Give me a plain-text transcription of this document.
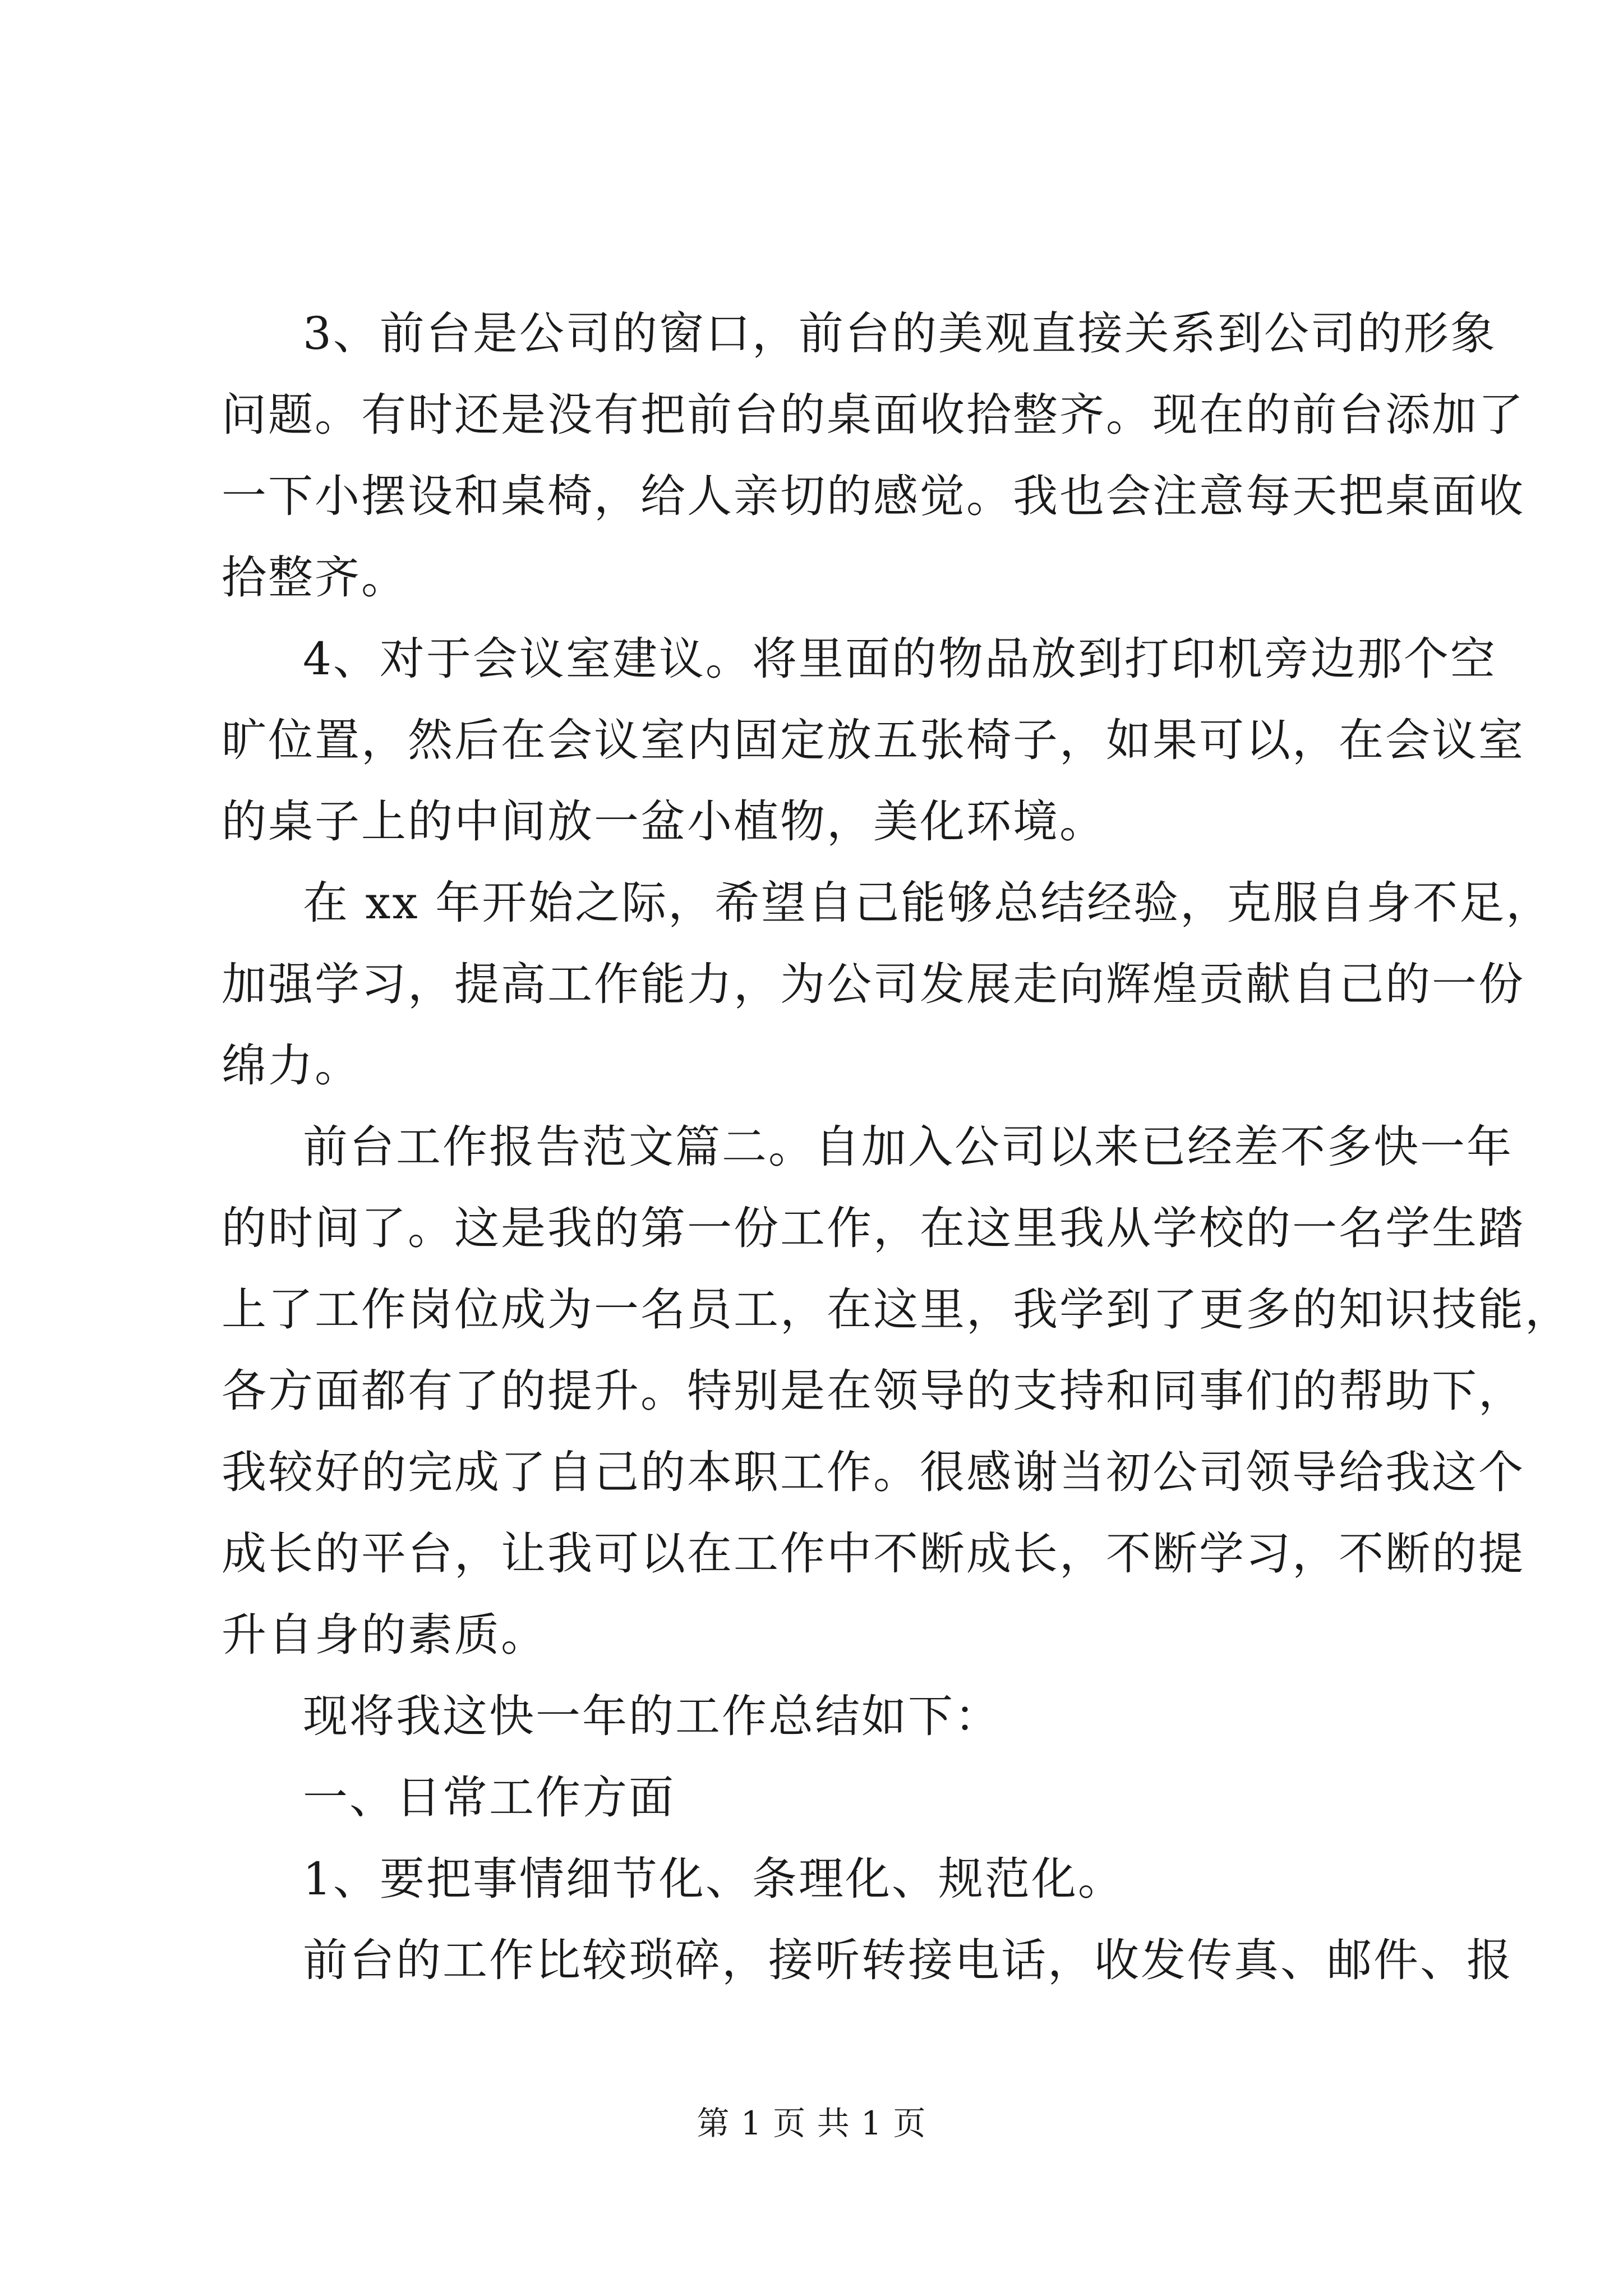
3、前台是公司的窗口，前台的美观直接关系到公司的形象
问题。有时还是没有把前台的桌面收拾整齐。现在的前台添加了
一下小摆设和桌椅，给人亲切的感觉。我也会注意每天把桌面收
拾整齐。
4、对于会议室建议。将里面的物品放到打印机旁边那个空
旷位置，然后在会议室内固定放五张椅子，如果可以，在会议室
的桌子上的中间放一盆小植物，美化环境。
在 xx 年开始之际，希望自己能够总结经验，克服自身不足，
加强学习，提高工作能力，为公司发展走向辉煌贡献自己的一份
绵力。
前台工作报告范文篇二。自加入公司以来已经差不多快一年
的时间了。这是我的第一份工作，在这里我从学校的一名学生踏
上了工作岗位成为一名员工，在这里，我学到了更多的知识技能，
各方面都有了的提升。特别是在领导的支持和同事们的帮助下，
我较好的完成了自己的本职工作。很感谢当初公司领导给我这个
成长的平台，让我可以在工作中不断成长，不断学习，不断的提
升自身的素质。
现将我这快一年的工作总结如下：
一、日常工作方面
1、要把事情细节化、条理化、规范化。
前台的工作比较琐碎，接听转接电话，收发传真、邮件、报
第 1 页 共 1 页
